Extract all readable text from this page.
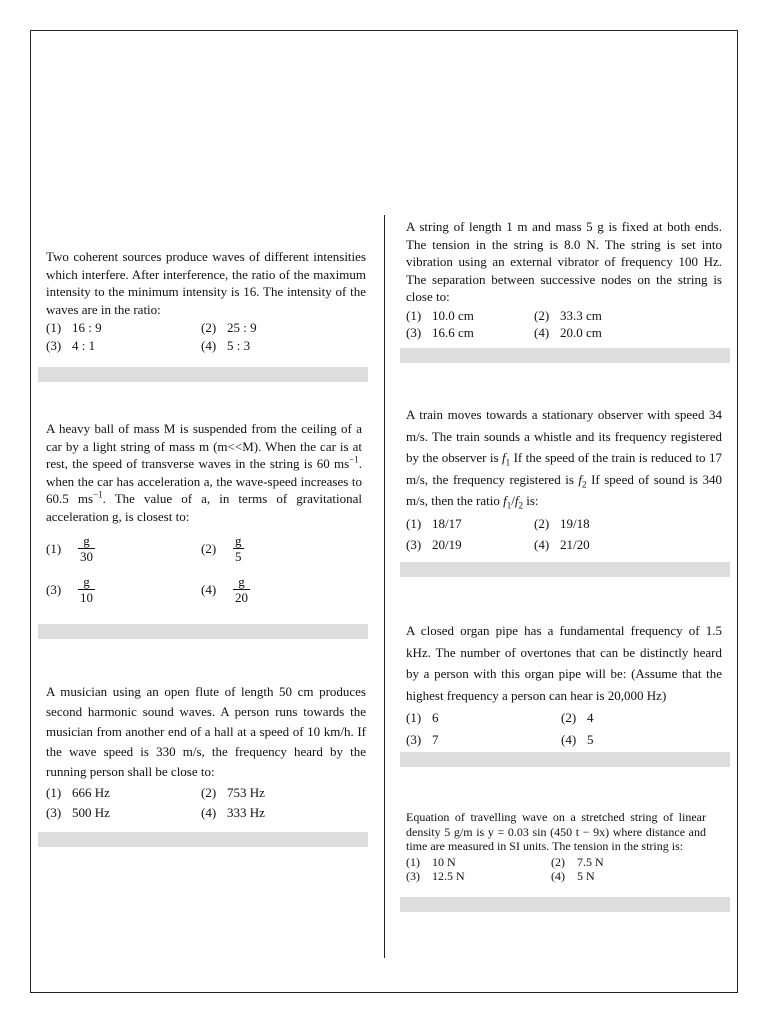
Two coherent sources produce waves of different intensities which interfere. After interference, the ratio of the maximum intensity to the minimum intensity is 16. The intensity of the waves are in the ratio:

(1) 16 : 9	(2) 25 : 9
(3) 4 : 1	(4) 5 : 3

A heavy ball of mass M is suspended from the ceiling of a car by a light string of mass m (m<<M). When the car is at rest, the speed of transverse waves in the string is 60 $ms^{-1}$. when the car has acceleration a, the wave-speed increases to 60.5 $ms^{-1}$. The value of a, in terms of gravitational acceleration g, is closest to:

(1)	$\frac{g}{30}$	(2)	$\frac{g}{5}$
(3)	$\frac{g}{10}$	(4)	$\frac{g}{20}$

A musician using an open flute of length 50 cm produces second harmonic sound waves. A person runs towards the musician from another end of a hall at a speed of 10 km/h. If the wave speed is 330 m/s, the frequency heard by the running person shall be close to:

(1) 666 Hz	(2) 753 Hz
(3) 500 Hz	(4) 333 Hz

A string of length 1 m and mass 5 g is fixed at both ends. The tension in the string is 8.0 N. The string is set into vibration using an external vibrator of frequency 100 Hz. The separation between successive nodes on the string is close to:

(1) 10.0 cm	(2) 33.3 cm
(3) 16.6 cm	(4) 20.0 cm

A train moves towards a stationary observer with speed 34 m/s. The train sounds a whistle and its frequency registered by the observer is $f_1$ If the speed of the train is reduced to 17 m/s, the frequency registered is $f_2$ If speed of sound is 340 m/s, then the ratio $f_1/f_2$ is:

(1) 18/17	(2) 19/18
(3) 20/19	(4) 21/20

A closed organ pipe has a fundamental frequency of 1.5 kHz. The number of overtones that can be distinctly heard by a person with this organ pipe will be: (Assume that the highest frequency a person can hear is 20,000 Hz)

(1) 6	(2) 4
(3) 7	(4) 5

Equation of travelling wave on a stretched string of linear density 5 g/m is y = 0.03 sin (450 t − 9x) where distance and time are measured in SI units. The tension in the string is:

(1) 10 N	(2) 7.5 N
(3) 12.5 N	(4) 5 N
